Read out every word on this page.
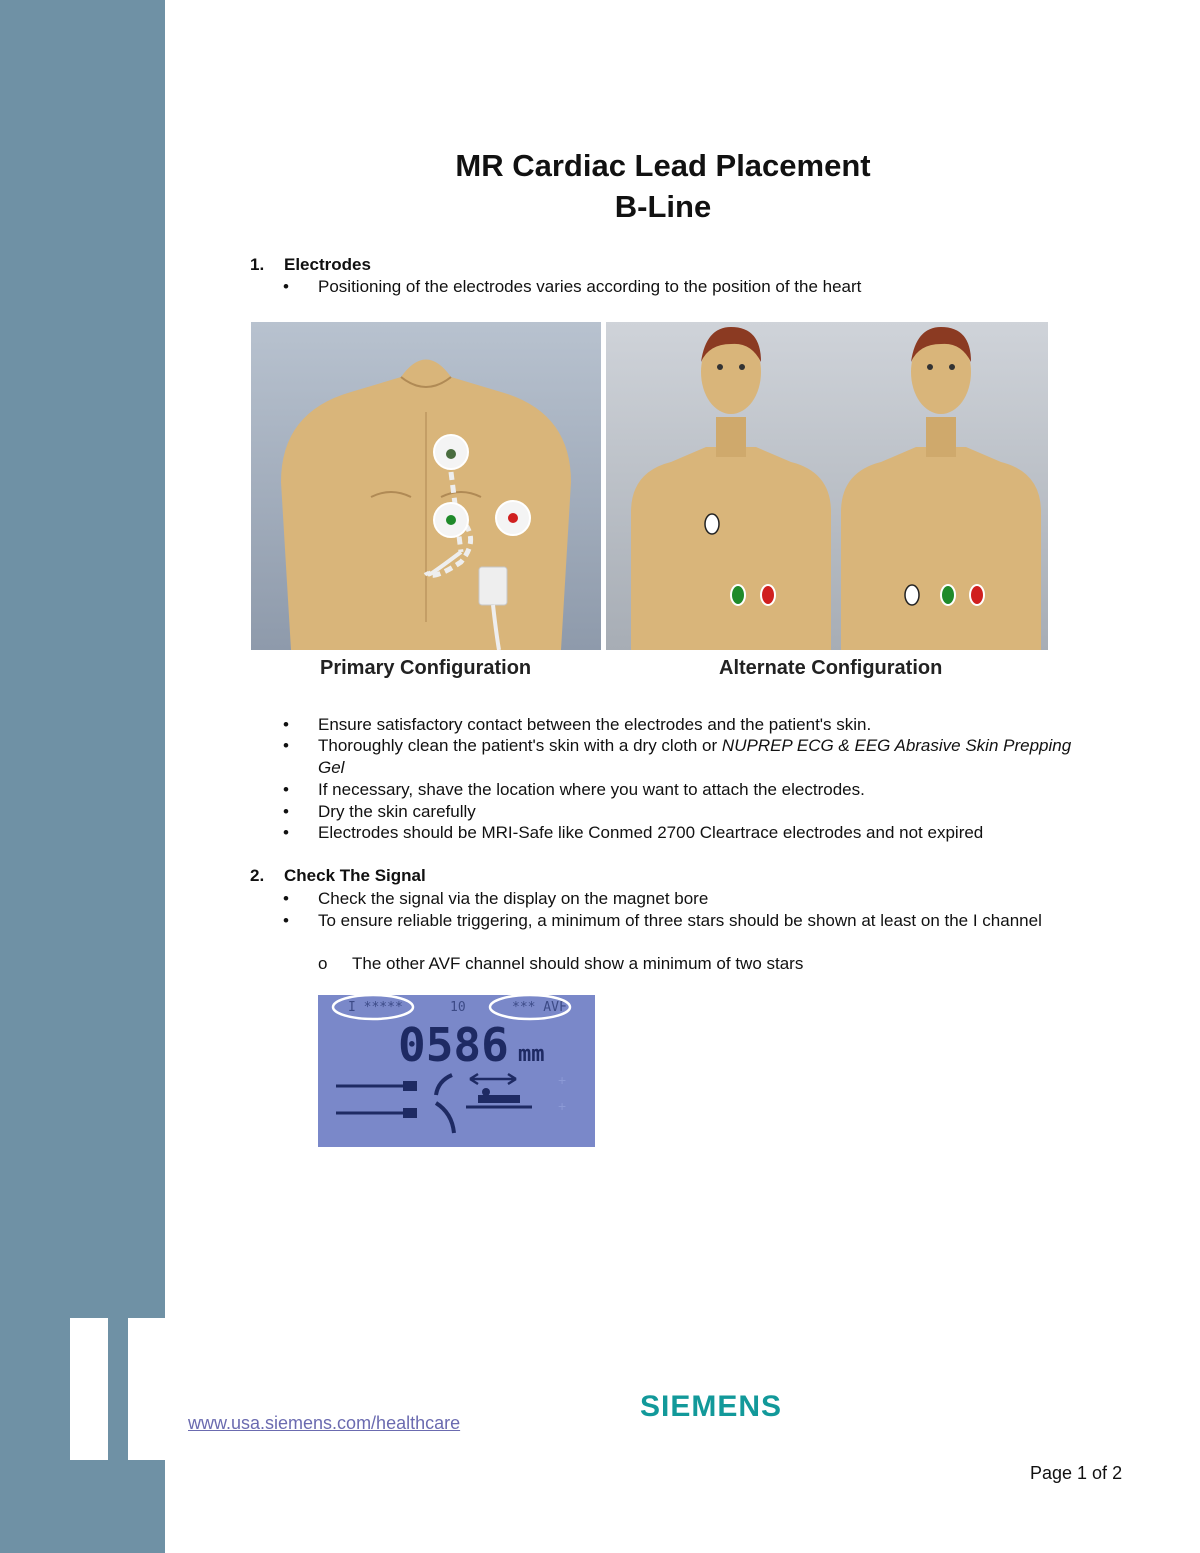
MR Cardiac Lead Placement
B-Line

1. Electrodes

• Positioning of the electrodes varies according to the position of the heart

Primary Configuration	Alternate Configuration

• Ensure satisfactory contact between the electrodes and the patient's skin.

• Thoroughly clean the patient's skin with a dry cloth or NUPREP ECG & EEG Abrasive Skin Prepping Gel

• If necessary, shave the location where you want to attach the electrodes.

• Dry the skin carefully

• Electrodes should be MRI-Safe like Conmed 2700 Cleartrace electrodes and not expired

2. Check The Signal

• Check the signal via the display on the magnet bore

• To ensure reliable triggering, a minimum of three stars should be shown at least on the I channel

o The other AVF channel should show a minimum of two stars

I *****	10	*** AVF
0586 mm
+
+
www.usa.siemens.com/healthcare	SIEMENS
Page 1 of 2
